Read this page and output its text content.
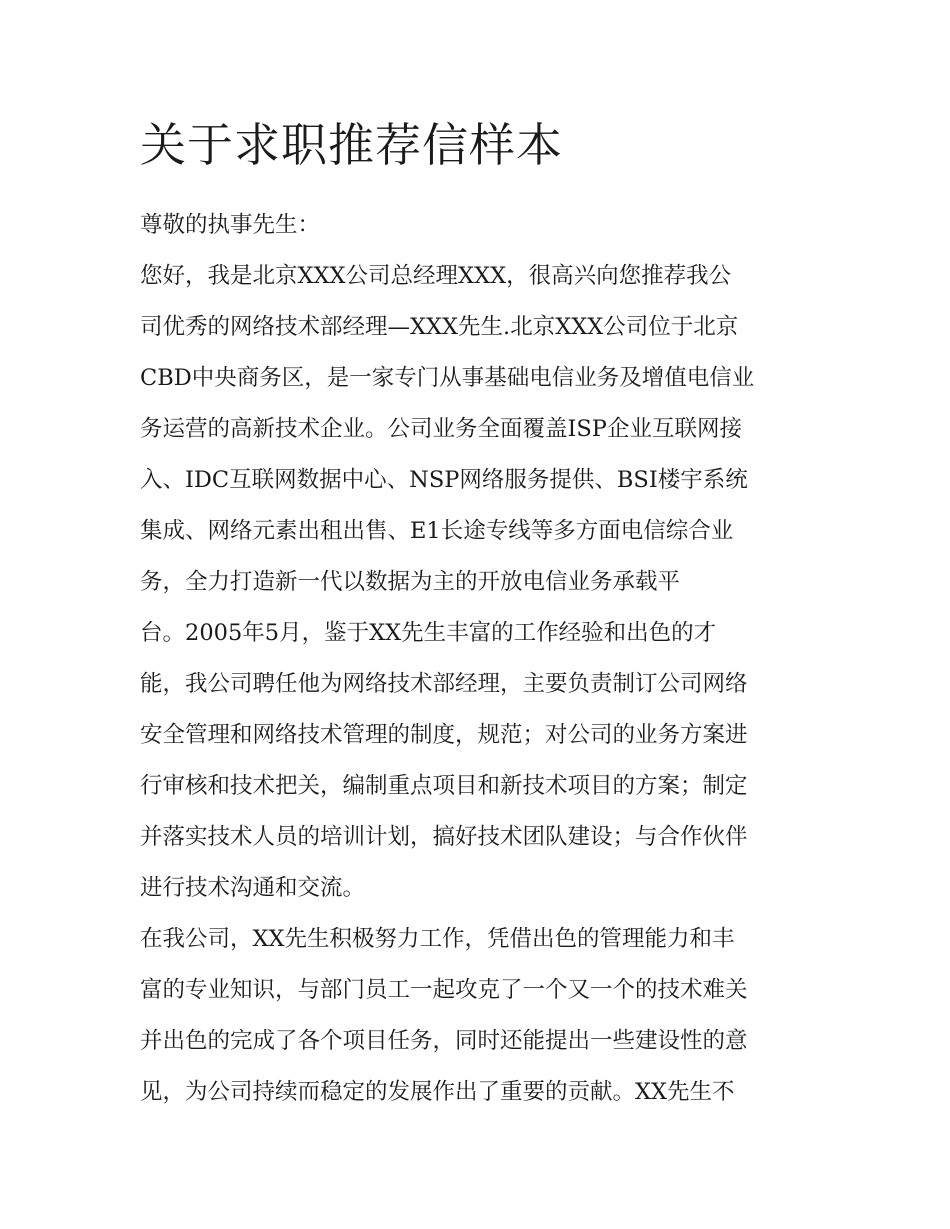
关于求职推荐信样本
尊敬的执事先生：
您好，我是北京XXX公司总经理XXX，很高兴向您推荐我公
司优秀的网络技术部经理—XXX先生.北京XXX公司位于北京
CBD中央商务区，是一家专门从事基础电信业务及增值电信业
务运营的高新技术企业。公司业务全面覆盖ISP企业互联网接
入、IDC互联网数据中心、NSP网络服务提供、BSI楼宇系统
集成、网络元素出租出售、E1长途专线等多方面电信综合业
务，全力打造新一代以数据为主的开放电信业务承载平
台。2005年5月，鉴于XX先生丰富的工作经验和出色的才
能，我公司聘任他为网络技术部经理，主要负责制订公司网络
安全管理和网络技术管理的制度，规范；对公司的业务方案进
行审核和技术把关，编制重点项目和新技术项目的方案；制定
并落实技术人员的培训计划，搞好技术团队建设；与合作伙伴
进行技术沟通和交流。
在我公司，XX先生积极努力工作，凭借出色的管理能力和丰
富的专业知识，与部门员工一起攻克了一个又一个的技术难关
并出色的完成了各个项目任务，同时还能提出一些建设性的意
见，为公司持续而稳定的发展作出了重要的贡献。XX先生不
